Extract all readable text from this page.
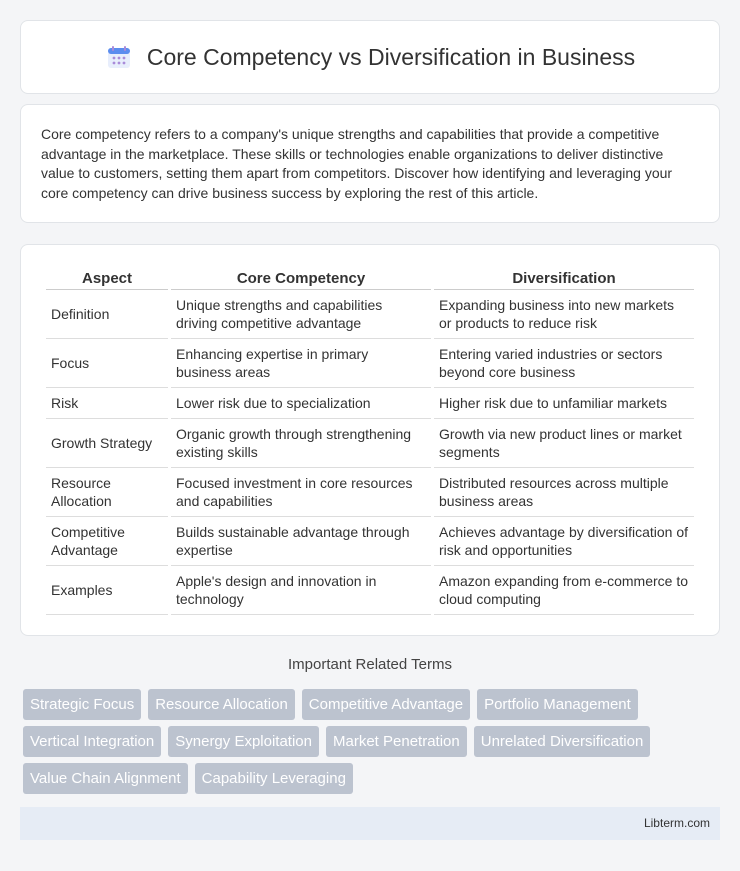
Core Competency vs Diversification in Business

Core competency refers to a company's unique strengths and capabilities that provide a competitive advantage in the marketplace. These skills or technologies enable organizations to deliver distinctive value to customers, setting them apart from competitors. Discover how identifying and leveraging your core competency can drive business success by exploring the rest of this article.

Aspect	Core Competency	Diversification
Definition	Unique strengths and capabilities driving competitive advantage	Expanding business into new markets or products to reduce risk
Focus	Enhancing expertise in primary business areas	Entering varied industries or sectors beyond core business
Risk	Lower risk due to specialization	Higher risk due to unfamiliar markets
Growth Strategy	Organic growth through strengthening existing skills	Growth via new product lines or market segments
Resource Allocation	Focused investment in core resources and capabilities	Distributed resources across multiple business areas
Competitive Advantage	Builds sustainable advantage through expertise	Achieves advantage by diversification of risk and opportunities
Examples	Apple's design and innovation in technology	Amazon expanding from e-commerce to cloud computing
Important Related Terms
Strategic Focus	Resource Allocation	Competitive Advantage	Portfolio Management
Vertical Integration	Synergy Exploitation	Market Penetration	Unrelated Diversification
Value Chain Alignment	Capability Leveraging
Libterm.com
